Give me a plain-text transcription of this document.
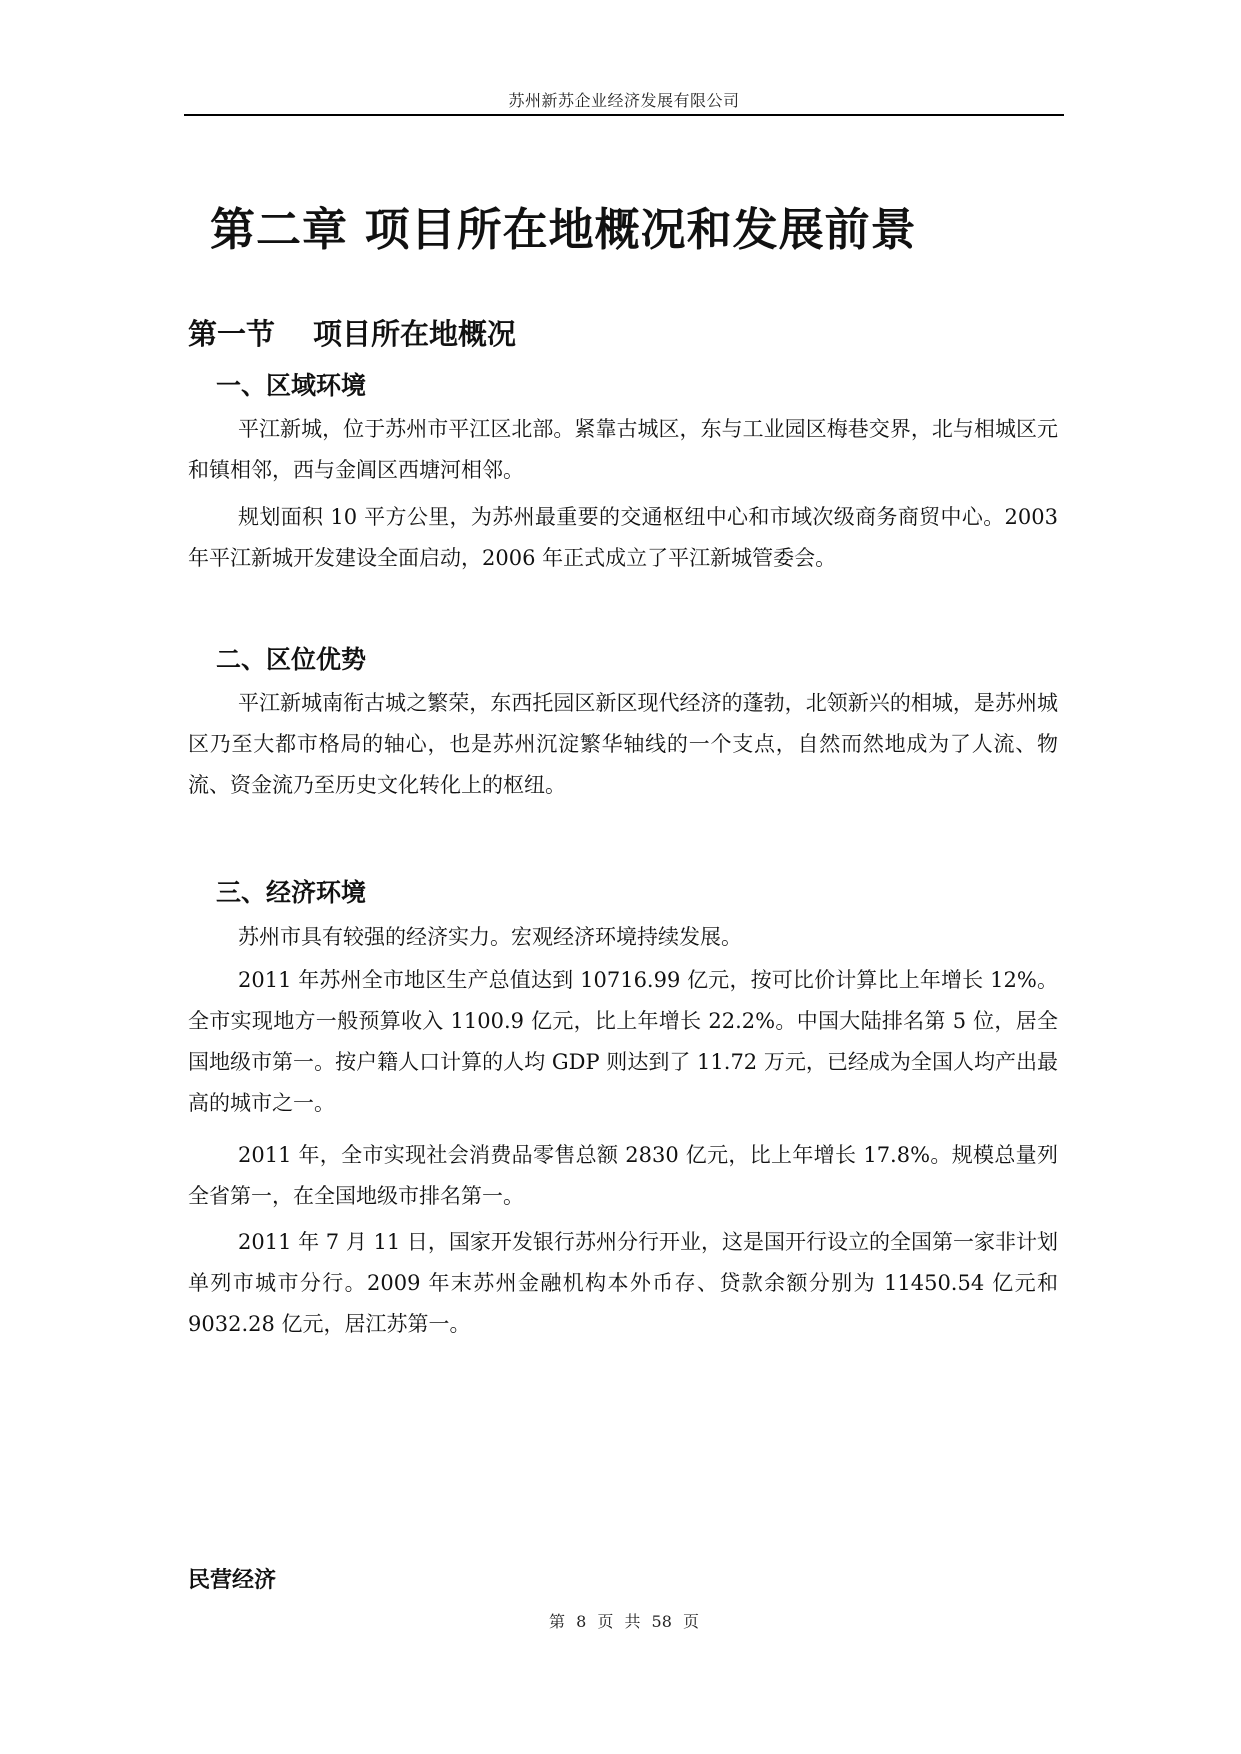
苏州新苏企业经济发展有限公司
第二章 项目所在地概况和发展前景
第一节 项目所在地概况
一、区域环境
平江新城，位于苏州市平江区北部。紧靠古城区，东与工业园区梅巷交界，北与相城区元和镇相邻，西与金阊区西塘河相邻。
规划面积 10 平方公里，为苏州最重要的交通枢纽中心和市域次级商务商贸中心。2003 年平江新城开发建设全面启动，2006 年正式成立了平江新城管委会。
二、区位优势
平江新城南衔古城之繁荣，东西托园区新区现代经济的蓬勃，北领新兴的相城，是苏州城区乃至大都市格局的轴心，也是苏州沉淀繁华轴线的一个支点，自然而然地成为了人流、物流、资金流乃至历史文化转化上的枢纽。
三、经济环境
苏州市具有较强的经济实力。宏观经济环境持续发展。
2011 年苏州全市地区生产总值达到 10716.99 亿元，按可比价计算比上年增长 12%。全市实现地方一般预算收入 1100.9 亿元，比上年增长 22.2%。中国大陆排名第 5 位，居全国地级市第一。按户籍人口计算的人均 GDP 则达到了 11.72 万元，已经成为全国人均产出最高的城市之一。
2011 年，全市实现社会消费品零售总额 2830 亿元，比上年增长 17.8%。规模总量列全省第一，在全国地级市排名第一。
2011 年 7 月 11 日，国家开发银行苏州分行开业，这是国开行设立的全国第一家非计划单列市城市分行。2009 年末苏州金融机构本外币存、贷款余额分别为 11450.54 亿元和 9032.28 亿元，居江苏第一。
民营经济
第 8 页 共 58 页
